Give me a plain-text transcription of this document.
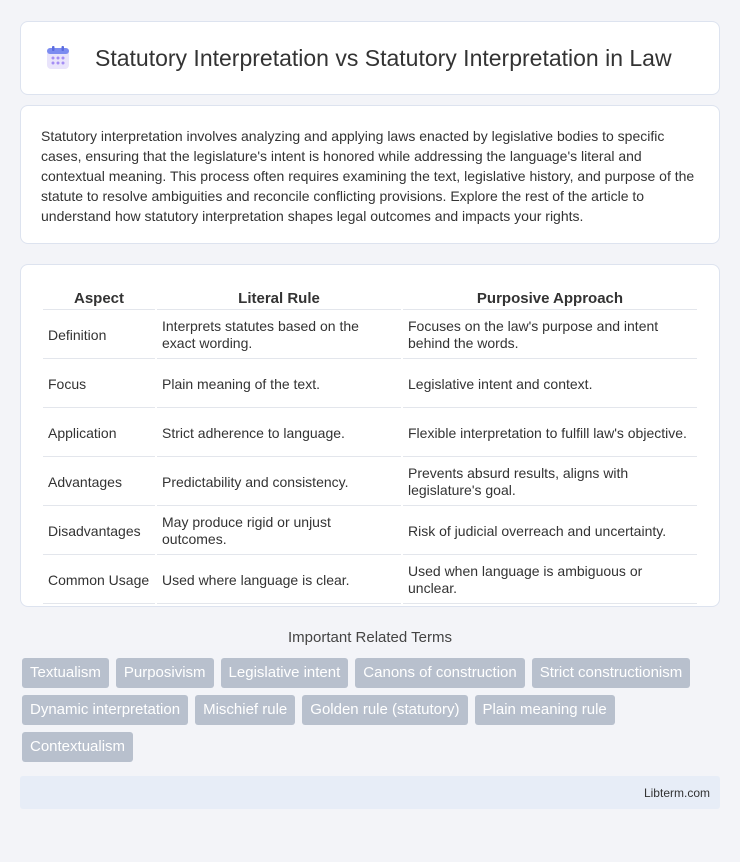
Statutory Interpretation vs Statutory Interpretation in Law

Statutory interpretation involves analyzing and applying laws enacted by legislative bodies to specific cases, ensuring that the legislature's intent is honored while addressing the language's literal and contextual meaning. This process often requires examining the text, legislative history, and purpose of the statute to resolve ambiguities and reconcile conflicting provisions. Explore the rest of the article to understand how statutory interpretation shapes legal outcomes and impacts your rights.

Aspect	Literal Rule	Purposive Approach
Definition	Interprets statutes based on the exact wording.	Focuses on the law's purpose and intent behind the words.
Focus	Plain meaning of the text.	Legislative intent and context.
Application	Strict adherence to language.	Flexible interpretation to fulfill law's objective.
Advantages	Predictability and consistency.	Prevents absurd results, aligns with legislature's goal.
Disadvantages	May produce rigid or unjust outcomes.	Risk of judicial overreach and uncertainty.
Common Usage	Used where language is clear.	Used when language is ambiguous or unclear.
Important Related Terms
Textualism	Purposivism	Legislative intent	Canons of construction	Strict constructionism
Dynamic interpretation	Mischief rule	Golden rule (statutory)	Plain meaning rule
Contextualism
Libterm.com
